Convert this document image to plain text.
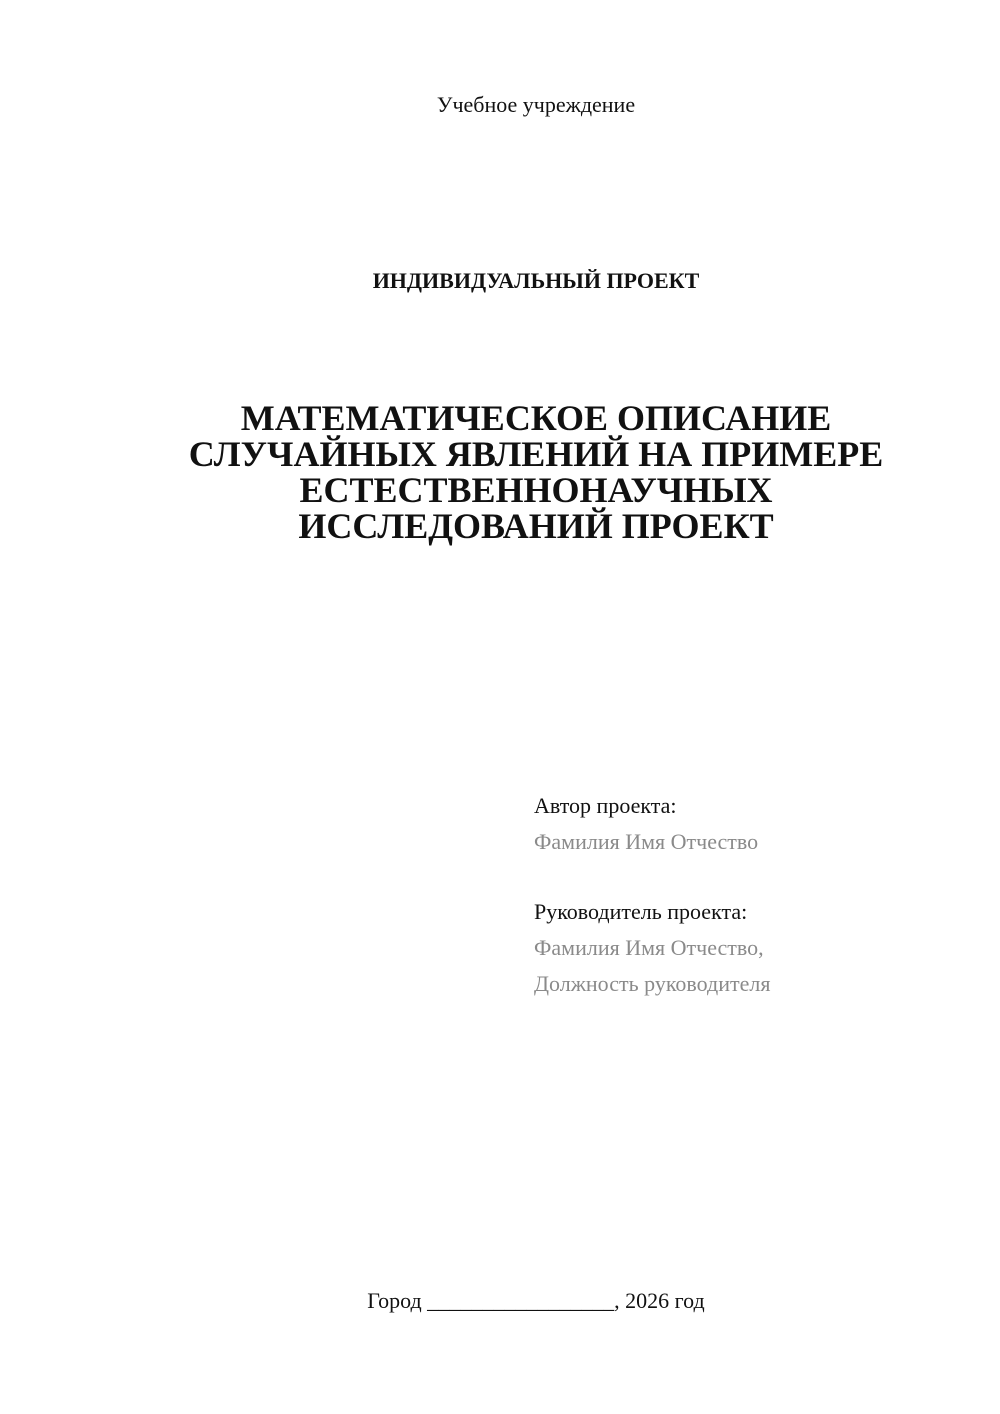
Учебное учреждение
ИНДИВИДУАЛЬНЫЙ ПРОЕКТ
МАТЕМАТИЧЕСКОЕ ОПИСАНИЕ
СЛУЧАЙНЫХ ЯВЛЕНИЙ НА ПРИМЕРЕ
ЕСТЕСТВЕННОНАУЧНЫХ
ИССЛЕДОВАНИЙ ПРОЕКТ
Автор проекта:
Фамилия Имя Отчество
Руководитель проекта:
Фамилия Имя Отчество,
Должность руководителя
Город _________________, 2026 год
